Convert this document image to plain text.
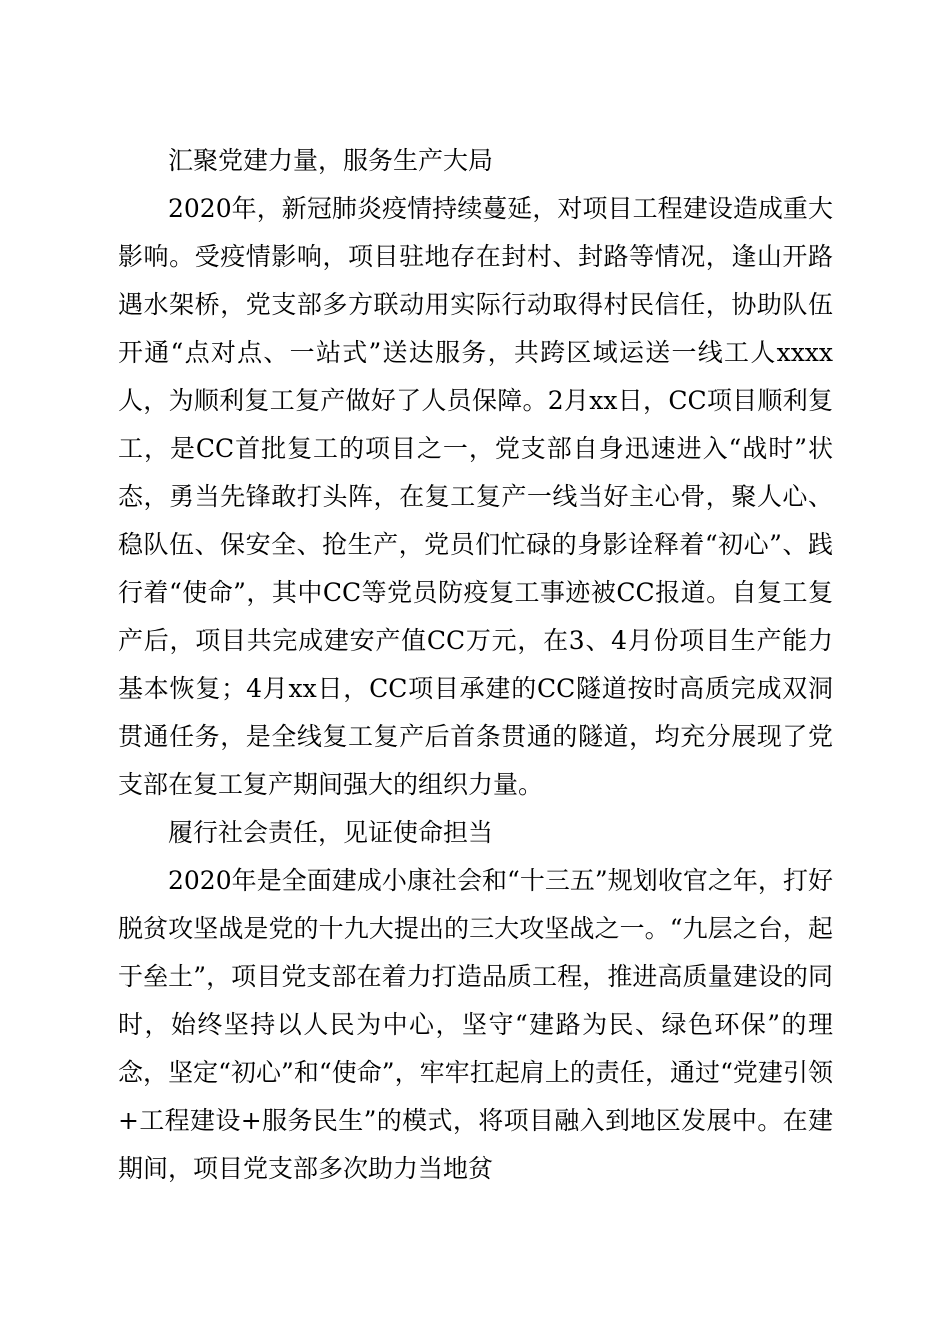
汇聚党建力量，服务生产大局

2020年，新冠肺炎疫情持续蔓延，对项目工程建设造成重大影响。受疫情影响，项目驻地存在封村、封路等情况，逢山开路遇水架桥，党支部多方联动用实际行动取得村民信任，协助队伍开通“点对点、一站式”送达服务，共跨区域运送一线工人xxxx人，为顺利复工复产做好了人员保障。2月xx日，CC项目顺利复工，是CC首批复工的项目之一，党支部自身迅速进入“战时”状态，勇当先锋敢打头阵，在复工复产一线当好主心骨，聚人心、稳队伍、保安全、抢生产，党员们忙碌的身影诠释着“初心”、践行着“使命”，其中CC等党员防疫复工事迹被CC报道。自复工复产后，项目共完成建安产值CC万元，在3、4月份项目生产能力基本恢复；4月xx日，CC项目承建的CC隧道按时高质完成双洞贯通任务，是全线复工复产后首条贯通的隧道，均充分展现了党支部在复工复产期间强大的组织力量。

履行社会责任，见证使命担当

2020年是全面建成小康社会和“十三五”规划收官之年，打好脱贫攻坚战是党的十九大提出的三大攻坚战之一。“九层之台，起于垒土”，项目党支部在着力打造品质工程，推进高质量建设的同时，始终坚持以人民为中心，坚守“建路为民、绿色环保”的理念，坚定“初心”和“使命”，牢牢扛起肩上的责任，通过“党建引领+工程建设+服务民生”的模式，将项目融入到地区发展中。在建期间，项目党支部多次助力当地贫
